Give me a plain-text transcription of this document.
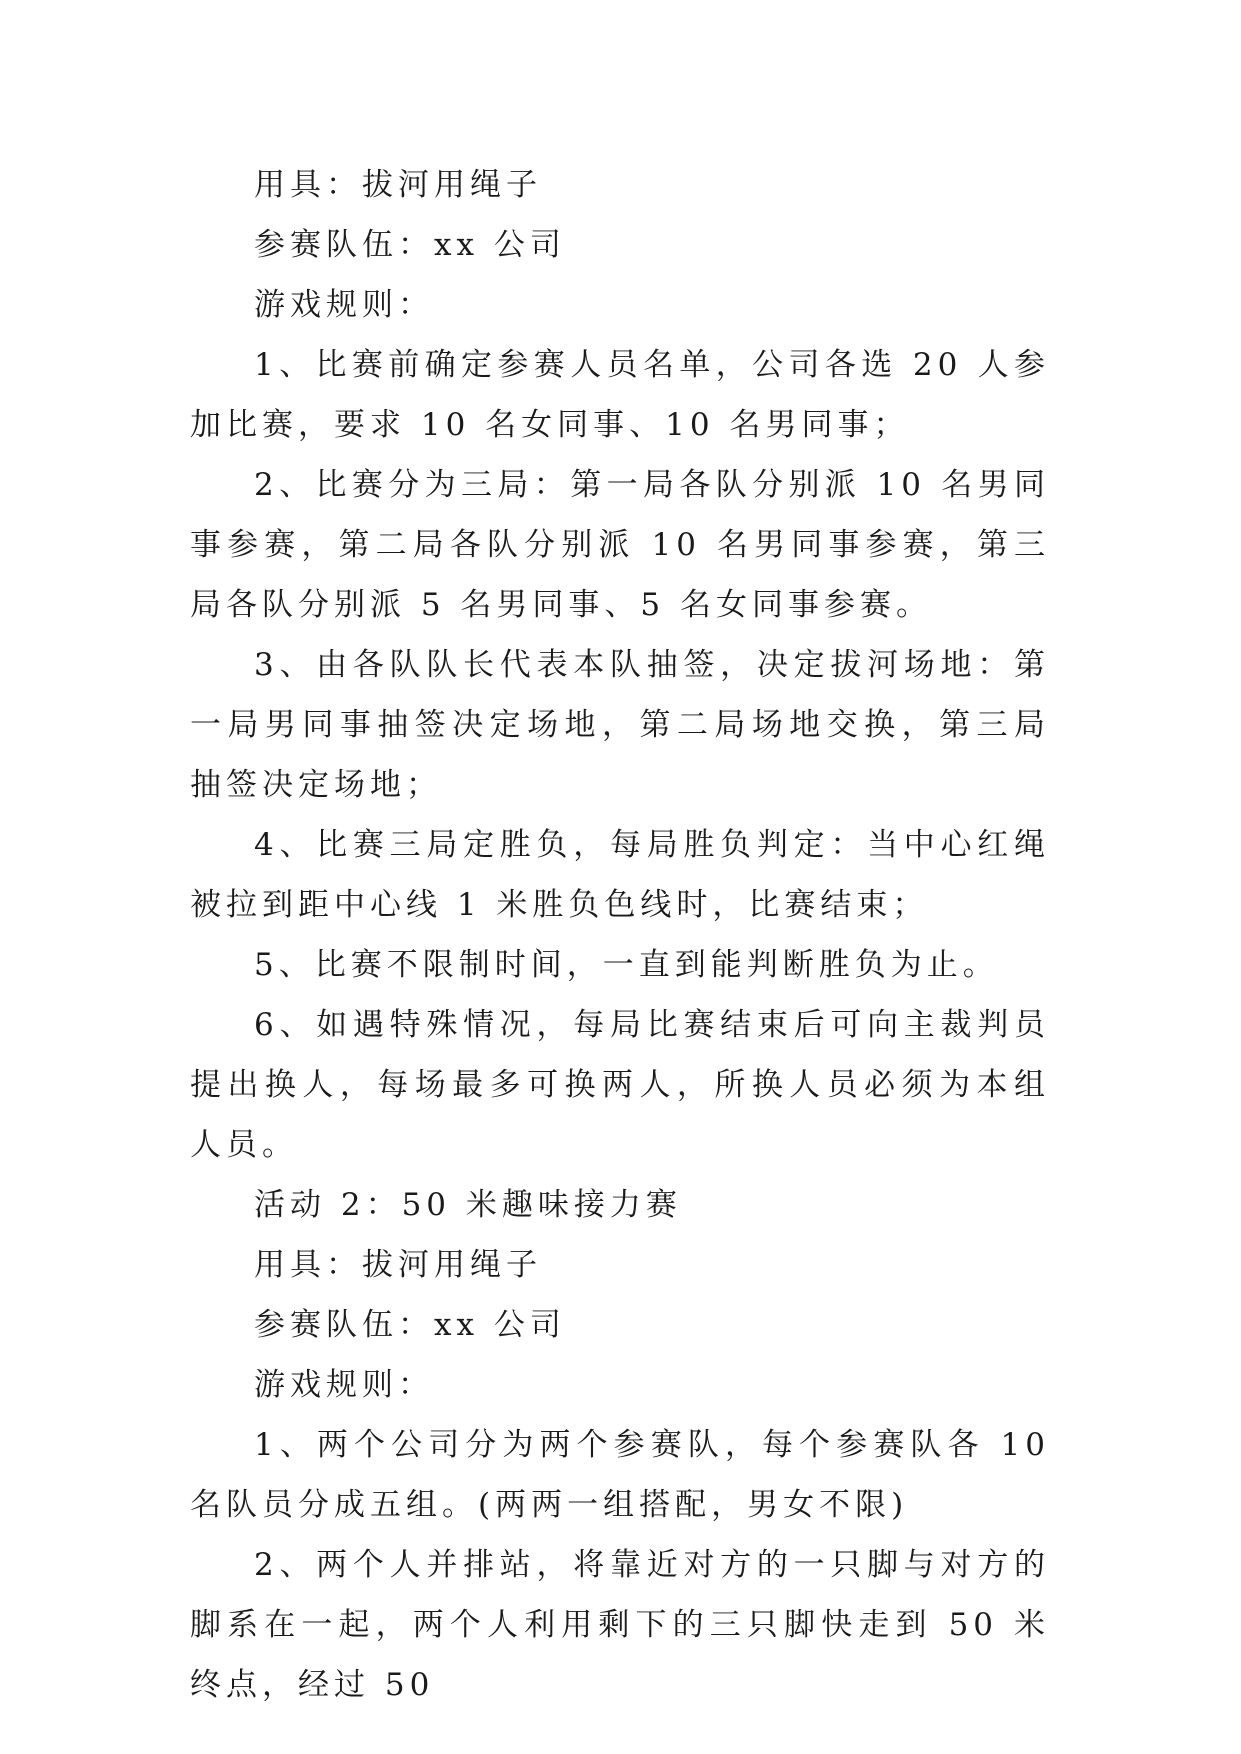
用具：拔河用绳子

参赛队伍：xx 公司

游戏规则：

1、比赛前确定参赛人员名单，公司各选 20 人参加比赛，要求 10 名女同事、10 名男同事；

2、比赛分为三局：第一局各队分别派 10 名男同事参赛，第二局各队分别派 10 名男同事参赛，第三局各队分别派 5 名男同事、5 名女同事参赛。

3、由各队队长代表本队抽签，决定拔河场地：第一局男同事抽签决定场地，第二局场地交换，第三局抽签决定场地；

4、比赛三局定胜负，每局胜负判定：当中心红绳被拉到距中心线 1 米胜负色线时，比赛结束；

5、比赛不限制时间，一直到能判断胜负为止。

6、如遇特殊情况，每局比赛结束后可向主裁判员提出换人，每场最多可换两人，所换人员必须为本组人员。

活动 2：50 米趣味接力赛

用具：拔河用绳子

参赛队伍：xx 公司

游戏规则：

1、两个公司分为两个参赛队，每个参赛队各 10 名队员分成五组。(两两一组搭配，男女不限)

2、两个人并排站，将靠近对方的一只脚与对方的脚系在一起，两个人利用剩下的三只脚快走到 50 米终点，经过 50
